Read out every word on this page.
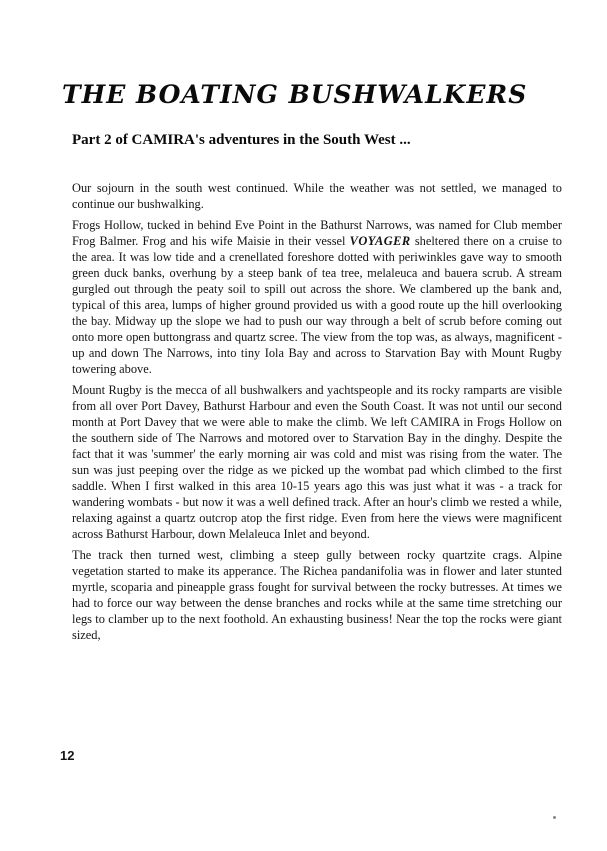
THE BOATING BUSHWALKERS
Part 2 of CAMIRA's adventures in the South West ...

Our sojourn in the south west continued. While the weather was not settled, we managed to continue our bushwalking.

Frogs Hollow, tucked in behind Eve Point in the Bathurst Narrows, was named for Club member Frog Balmer. Frog and his wife Maisie in their vessel VOYAGER sheltered there on a cruise to the area. It was low tide and a crenellated foreshore dotted with periwinkles gave way to smooth green duck banks, overhung by a steep bank of tea tree, melaleuca and bauera scrub. A stream gurgled out through the peaty soil to spill out across the shore. We clambered up the bank and, typical of this area, lumps of higher ground provided us with a good route up the hill overlooking the bay. Midway up the slope we had to push our way through a belt of scrub before coming out onto more open buttongrass and quartz scree. The view from the top was, as always, magnificent - up and down The Narrows, into tiny Iola Bay and across to Starvation Bay with Mount Rugby towering above.

Mount Rugby is the mecca of all bushwalkers and yachtspeople and its rocky ramparts are visible from all over Port Davey, Bathurst Harbour and even the South Coast. It was not until our second month at Port Davey that we were able to make the climb. We left CAMIRA in Frogs Hollow on the southern side of The Narrows and motored over to Starvation Bay in the dinghy. Despite the fact that it was 'summer' the early morning air was cold and mist was rising from the water. The sun was just peeping over the ridge as we picked up the wombat pad which climbed to the first saddle. When I first walked in this area 10-15 years ago this was just what it was - a track for wandering wombats - but now it was a well defined track. After an hour's climb we rested a while, relaxing against a quartz outcrop atop the first ridge. Even from here the views were magnificent across Bathurst Harbour, down Melaleuca Inlet and beyond.

The track then turned west, climbing a steep gully between rocky quartzite crags. Alpine vegetation started to make its apperance. The Richea pandanifolia was in flower and later stunted myrtle, scoparia and pineapple grass fought for survival between the rocky butresses. At times we had to force our way between the dense branches and rocks while at the same time stretching our legs to clamber up to the next foothold. An exhausting business! Near the top the rocks were giant sized,

12
